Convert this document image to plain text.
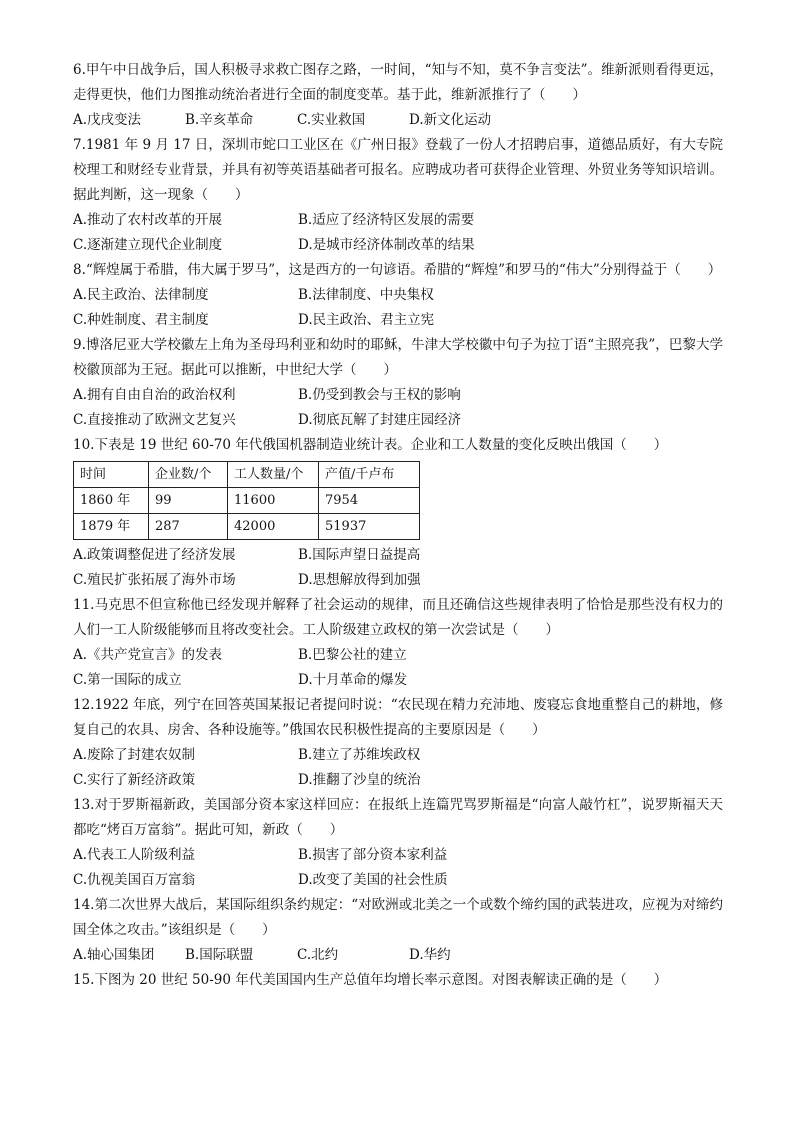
6.甲午中日战争后，国人积极寻求救亡图存之路，一时间，“知与不知，莫不争言变法”。维新派则看得更远，走得更快，他们力图推动统治者进行全面的制度变革。基于此，维新派推行了（　　）

A.戊戌变法	B.辛亥革命	C.实业救国	D.新文化运动

7.1981 年 9 月 17 日，深圳市蛇口工业区在《广州日报》登载了一份人才招聘启事，道德品质好，有大专院校理工和财经专业背景，并具有初等英语基础者可报名。应聘成功者可获得企业管理、外贸业务等知识培训。据此判断，这一现象（　　）

A.推动了农村改革的开展	B.适应了经济特区发展的需要
C.逐渐建立现代企业制度	D.是城市经济体制改革的结果

8.“辉煌属于希腊，伟大属于罗马”，这是西方的一句谚语。希腊的“辉煌”和罗马的“伟大”分别得益于（　　）

A.民主政治、法律制度	B.法律制度、中央集权
C.种姓制度、君主制度	D.民主政治、君主立宪

9.博洛尼亚大学校徽左上角为圣母玛利亚和幼时的耶稣，牛津大学校徽中句子为拉丁语“主照亮我”，巴黎大学校徽顶部为王冠。据此可以推断，中世纪大学（　　）

A.拥有自由自治的政治权利	B.仍受到教会与王权的影响
C.直接推动了欧洲文艺复兴	D.彻底瓦解了封建庄园经济

10.下表是 19 世纪 60-70 年代俄国机器制造业统计表。企业和工人数量的变化反映出俄国（　　）

时间	企业数/个	工人数量/个	产值/千卢布
1860 年	99	11600	7954
1879 年	287	42000	51937
A.政策调整促进了经济发展	B.国际声望日益提高
C.殖民扩张拓展了海外市场	D.思想解放得到加强

11.马克思不但宣称他已经发现并解释了社会运动的规律，而且还确信这些规律表明了恰恰是那些没有权力的人们一工人阶级能够而且将改变社会。工人阶级建立政权的第一次尝试是（　　）

A.《共产党宣言》的发表	B.巴黎公社的建立
C.第一国际的成立	D.十月革命的爆发

12.1922 年底，列宁在回答英国某报记者提问时说：“农民现在精力充沛地、废寝忘食地重整自己的耕地，修复自己的农具、房舍、各种设施等。”俄国农民积极性提高的主要原因是（　　）

A.废除了封建农奴制	B.建立了苏维埃政权
C.实行了新经济政策	D.推翻了沙皇的统治

13.对于罗斯福新政，美国部分资本家这样回应：在报纸上连篇咒骂罗斯福是“向富人敲竹杠”，说罗斯福天天都吃“烤百万富翁”。据此可知，新政（　　）

A.代表工人阶级利益	B.损害了部分资本家利益
C.仇视美国百万富翁	D.改变了美国的社会性质

14.第二次世界大战后，某国际组织条约规定：“对欧洲或北美之一个或数个缔约国的武装进攻，应视为对缔约国全体之攻击。”该组织是（　　）

A.轴心国集团	B.国际联盟	C.北约	D.华约

15.下图为 20 世纪 50-90 年代美国国内生产总值年均增长率示意图。对图表解读正确的是（　　）
